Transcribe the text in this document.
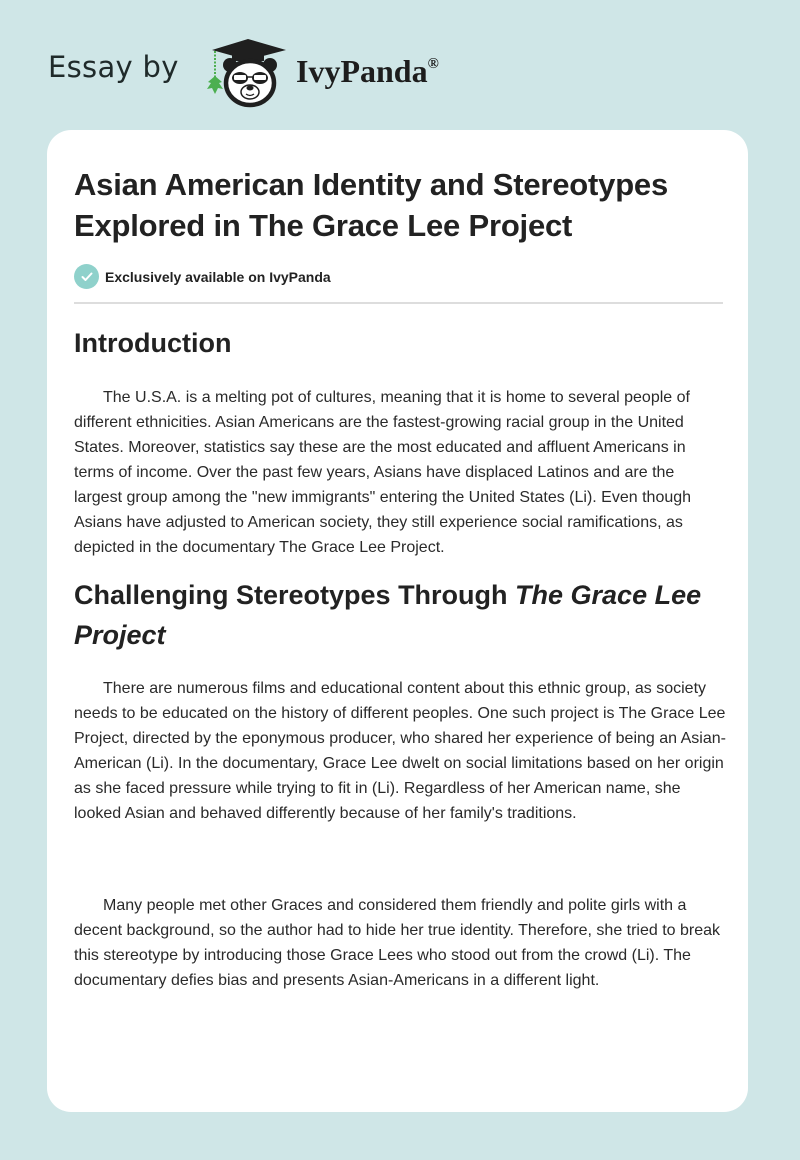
Essay by	IvyPanda®
Asian American Identity and Stereotypes Explored in The Grace Lee Project
Exclusively available on IvyPanda
Introduction

The U.S.A. is a melting pot of cultures, meaning that it is home to several people of different ethnicities. Asian Americans are the fastest-growing racial group in the United States. Moreover, statistics say these are the most educated and affluent Americans in terms of income. Over the past few years, Asians have displaced Latinos and are the largest group among the "new immigrants" entering the United States (Li). Even though Asians have adjusted to American society, they still experience social ramifications, as depicted in the documentary The Grace Lee Project.

Challenging Stereotypes Through The Grace Lee Project

There are numerous films and educational content about this ethnic group, as society needs to be educated on the history of different peoples. One such project is The Grace Lee Project, directed by the eponymous producer, who shared her experience of being an Asian-American (Li). In the documentary, Grace Lee dwelt on social limitations based on her origin as she faced pressure while trying to fit in (Li). Regardless of her American name, she looked Asian and behaved differently because of her family's traditions.

Many people met other Graces and considered them friendly and polite girls with a decent background, so the author had to hide her true identity. Therefore, she tried to break this stereotype by introducing those Grace Lees who stood out from the crowd (Li). The documentary defies bias and presents Asian-Americans in a different light.
